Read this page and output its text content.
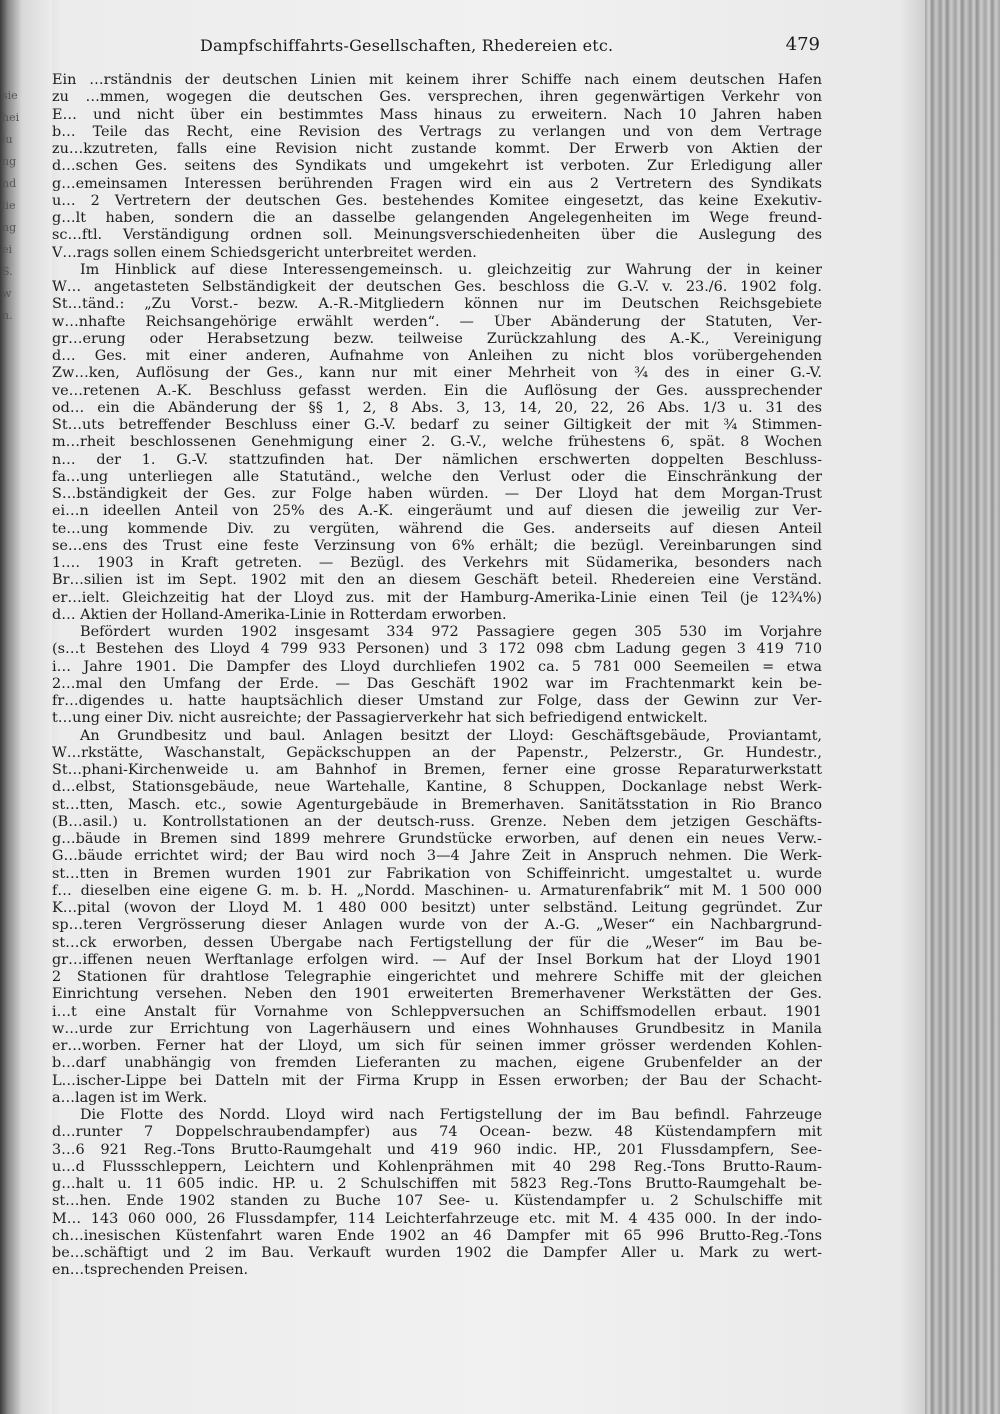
sie
hei
lu
ng
nd
lie
ng
ei
S.
w
n.
Dampfschiffahrts-Gesellschaften, Rhedereien etc.	479
Ein …rständnis der deutschen Linien mit keinem ihrer Schiffe nach einem deutschen Hafen
zu …mmen, wogegen die deutschen Ges. versprechen, ihren gegenwärtigen Verkehr von
E… und nicht über ein bestimmtes Mass hinaus zu erweitern. Nach 10 Jahren haben
b… Teile das Recht, eine Revision des Vertrags zu verlangen und von dem Vertrage
zu…kzutreten, falls eine Revision nicht zustande kommt. Der Erwerb von Aktien der
d…schen Ges. seitens des Syndikats und umgekehrt ist verboten. Zur Erledigung aller
g…emeinsamen Interessen berührenden Fragen wird ein aus 2 Vertretern des Syndikats
u… 2 Vertretern der deutschen Ges. bestehendes Komitee eingesetzt, das keine Exekutiv-
g…lt haben, sondern die an dasselbe gelangenden Angelegenheiten im Wege freund-
sc…ftl. Verständigung ordnen soll. Meinungsverschiedenheiten über die Auslegung des
V…rags sollen einem Schiedsgericht unterbreitet werden.
Im Hinblick auf diese Interessengemeinsch. u. gleichzeitig zur Wahrung der in keiner
W… angetasteten Selbständigkeit der deutschen Ges. beschloss die G.-V. v. 23./6. 1902 folg.
St…tänd.: „Zu Vorst.- bezw. A.-R.-Mitgliedern können nur im Deutschen Reichsgebiete
w…nhafte Reichsangehörige erwählt werden“. — Über Abänderung der Statuten, Ver-
gr…erung oder Herabsetzung bezw. teilweise Zurückzahlung des A.-K., Vereinigung
d… Ges. mit einer anderen, Aufnahme von Anleihen zu nicht blos vorübergehenden
Zw…ken, Auflösung der Ges., kann nur mit einer Mehrheit von ¾ des in einer G.-V.
ve…retenen A.-K. Beschluss gefasst werden. Ein die Auflösung der Ges. aussprechender
od… ein die Abänderung der §§ 1, 2, 8 Abs. 3, 13, 14, 20, 22, 26 Abs. 1/3 u. 31 des
St…uts betreffender Beschluss einer G.-V. bedarf zu seiner Giltigkeit der mit ¾ Stimmen-
m…rheit beschlossenen Genehmigung einer 2. G.-V., welche frühestens 6, spät. 8 Wochen
n… der 1. G.-V. stattzufinden hat. Der nämlichen erschwerten doppelten Beschluss-
fa…ung unterliegen alle Statutänd., welche den Verlust oder die Einschränkung der
S…bständigkeit der Ges. zur Folge haben würden. — Der Lloyd hat dem Morgan-Trust
ei…n ideellen Anteil von 25% des A.-K. eingeräumt und auf diesen die jeweilig zur Ver-
te…ung kommende Div. zu vergüten, während die Ges. anderseits auf diesen Anteil
se…ens des Trust eine feste Verzinsung von 6% erhält; die bezügl. Vereinbarungen sind
1.… 1903 in Kraft getreten. — Bezügl. des Verkehrs mit Südamerika, besonders nach
Br…silien ist im Sept. 1902 mit den an diesem Geschäft beteil. Rhedereien eine Verständ.
er…ielt. Gleichzeitig hat der Lloyd zus. mit der Hamburg-Amerika-Linie einen Teil (je 12¾%)
d… Aktien der Holland-Amerika-Linie in Rotterdam erworben.
Befördert wurden 1902 insgesamt 334 972 Passagiere gegen 305 530 im Vorjahre
(s…t Bestehen des Lloyd 4 799 933 Personen) und 3 172 098 cbm Ladung gegen 3 419 710
i… Jahre 1901. Die Dampfer des Lloyd durchliefen 1902 ca. 5 781 000 Seemeilen = etwa
2…mal den Umfang der Erde. — Das Geschäft 1902 war im Frachtenmarkt kein be-
fr…digendes u. hatte hauptsächlich dieser Umstand zur Folge, dass der Gewinn zur Ver-
t…ung einer Div. nicht ausreichte; der Passagierverkehr hat sich befriedigend entwickelt.
An Grundbesitz und baul. Anlagen besitzt der Lloyd: Geschäftsgebäude, Proviantamt,
W…rkstätte, Waschanstalt, Gepäckschuppen an der Papenstr., Pelzerstr., Gr. Hundestr.,
St…phani-Kirchenweide u. am Bahnhof in Bremen, ferner eine grosse Reparaturwerkstatt
d…elbst, Stationsgebäude, neue Wartehalle, Kantine, 8 Schuppen, Dockanlage nebst Werk-
st…tten, Masch. etc., sowie Agenturgebäude in Bremerhaven. Sanitätsstation in Rio Branco
(B…asil.) u. Kontrollstationen an der deutsch-russ. Grenze. Neben dem jetzigen Geschäfts-
g…bäude in Bremen sind 1899 mehrere Grundstücke erworben, auf denen ein neues Verw.-
G…bäude errichtet wird; der Bau wird noch 3—4 Jahre Zeit in Anspruch nehmen. Die Werk-
st…tten in Bremen wurden 1901 zur Fabrikation von Schiffeinricht. umgestaltet u. wurde
f… dieselben eine eigene G. m. b. H. „Nordd. Maschinen- u. Armaturenfabrik“ mit M. 1 500 000
K…pital (wovon der Lloyd M. 1 480 000 besitzt) unter selbständ. Leitung gegründet. Zur
sp…teren Vergrösserung dieser Anlagen wurde von der A.-G. „Weser“ ein Nachbargrund-
st…ck erworben, dessen Übergabe nach Fertigstellung der für die „Weser“ im Bau be-
gr…iffenen neuen Werftanlage erfolgen wird. — Auf der Insel Borkum hat der Lloyd 1901
2 Stationen für drahtlose Telegraphie eingerichtet und mehrere Schiffe mit der gleichen
Einrichtung versehen. Neben den 1901 erweiterten Bremerhavener Werkstätten der Ges.
i…t eine Anstalt für Vornahme von Schleppversuchen an Schiffsmodellen erbaut. 1901
w…urde zur Errichtung von Lagerhäusern und eines Wohnhauses Grundbesitz in Manila
er…worben. Ferner hat der Lloyd, um sich für seinen immer grösser werdenden Kohlen-
b…darf unabhängig von fremden Lieferanten zu machen, eigene Grubenfelder an der
L…ischer-Lippe bei Datteln mit der Firma Krupp in Essen erworben; der Bau der Schacht-
a…lagen ist im Werk.
Die Flotte des Nordd. Lloyd wird nach Fertigstellung der im Bau befindl. Fahrzeuge
d…runter 7 Doppelschraubendampfer) aus 74 Ocean- bezw. 48 Küstendampfern mit
3…6 921 Reg.-Tons Brutto-Raumgehalt und 419 960 indic. HP., 201 Flussdampfern, See-
u…d Flussschleppern, Leichtern und Kohlenprähmen mit 40 298 Reg.-Tons Brutto-Raum-
g…halt u. 11 605 indic. HP. u. 2 Schulschiffen mit 5823 Reg.-Tons Brutto-Raumgehalt be-
st…hen. Ende 1902 standen zu Buche 107 See- u. Küstendampfer u. 2 Schulschiffe mit
M… 143 060 000, 26 Flussdampfer, 114 Leichterfahrzeuge etc. mit M. 4 435 000. In der indo-
ch…inesischen Küstenfahrt waren Ende 1902 an 46 Dampfer mit 65 996 Brutto-Reg.-Tons
be…schäftigt und 2 im Bau. Verkauft wurden 1902 die Dampfer Aller u. Mark zu wert-
en…tsprechenden Preisen.
